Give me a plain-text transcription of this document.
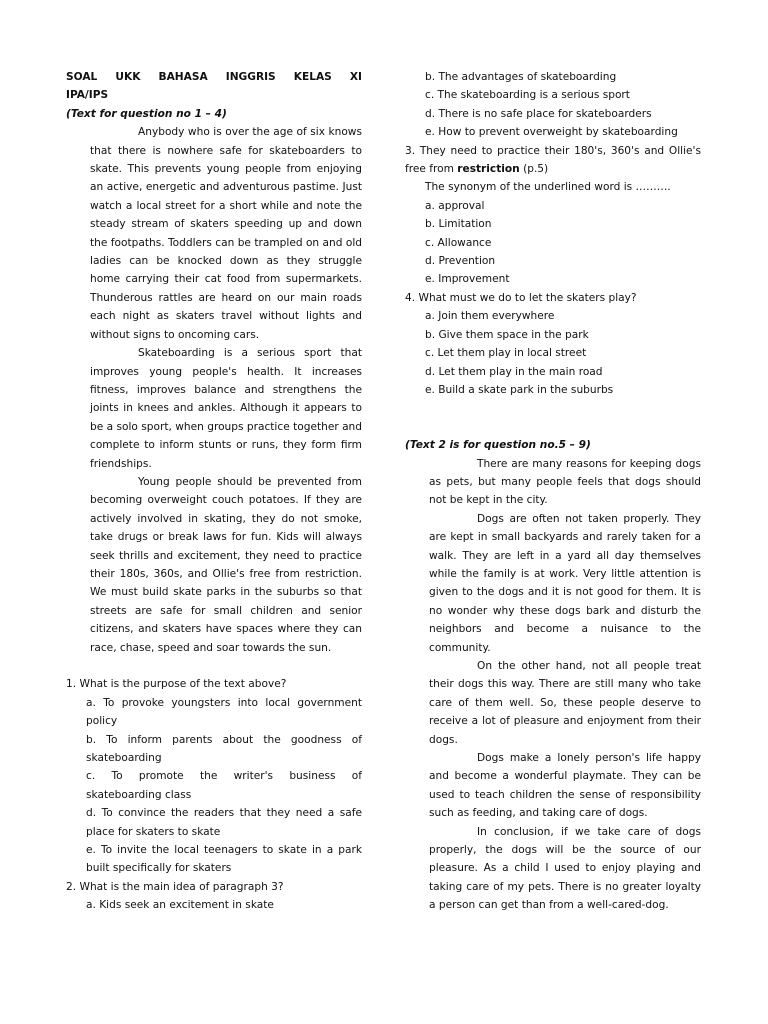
SOAL UKK BAHASA INGGRIS KELAS XI

IPA/IPS

(Text for question no 1 – 4)

Anybody who is over the age of six knows that there is nowhere safe for skateboarders to skate. This prevents young people from enjoying an active, energetic and adventurous pastime. Just watch a local street for a short while and note the steady stream of skaters speeding up and down the footpaths. Toddlers can be trampled on and old ladies can be knocked down as they struggle home carrying their cat food from supermarkets. Thunderous rattles are heard on our main roads each night as skaters travel without lights and without signs to oncoming cars.

Skateboarding is a serious sport that improves young people's health. It increases fitness, improves balance and strengthens the joints in knees and ankles. Although it appears to be a solo sport, when groups practice together and complete to inform stunts or runs, they form firm friendships.

Young people should be prevented from becoming overweight couch potatoes. If they are actively involved in skating, they do not smoke, take drugs or break laws for fun. Kids will always seek thrills and excitement, they need to practice their 180s, 360s, and Ollie's free from restriction. We must build skate parks in the suburbs so that streets are safe for small children and senior citizens, and skaters have spaces where they can race, chase, speed and soar towards the sun.

1. What is the purpose of the text above?

a. To provoke youngsters into local government policy

b. To inform parents about the goodness of skateboarding

c. To promote the writer's business of skateboarding class

d. To convince the readers that they need a safe place for skaters to skate

e. To invite the local teenagers to skate in a park built specifically for skaters

2. What is the main idea of paragraph 3?

a. Kids seek an excitement in skate

b. The advantages of skateboarding

c. The skateboarding is a serious sport

d. There is no safe place for skateboarders

e. How to prevent overweight by skateboarding

3. They need to practice their 180's, 360's and Ollie's free from restriction (p.5)

The synonym of the underlined word is ……….

a. approval

b. Limitation

c. Allowance

d. Prevention

e. Improvement

4. What must we do to let the skaters play?

a. Join them everywhere

b. Give them space in the park

c. Let them play in local street

d. Let them play in the main road

e. Build a skate park in the suburbs

(Text 2 is for question no.5 – 9)

There are many reasons for keeping dogs as pets, but many people feels that dogs should not be kept in the city.

Dogs are often not taken properly. They are kept in small backyards and rarely taken for a walk. They are left in a yard all day themselves while the family is at work. Very little attention is given to the dogs and it is not good for them. It is no wonder why these dogs bark and disturb the neighbors and become a nuisance to the community.

On the other hand, not all people treat their dogs this way. There are still many who take care of them well. So, these people deserve to receive a lot of pleasure and enjoyment from their dogs.

Dogs make a lonely person's life happy and become a wonderful playmate. They can be used to teach children the sense of responsibility such as feeding, and taking care of dogs.

In conclusion, if we take care of dogs properly, the dogs will be the source of our pleasure. As a child I used to enjoy playing and taking care of my pets. There is no greater loyalty a person can get than from a well-cared-dog.
